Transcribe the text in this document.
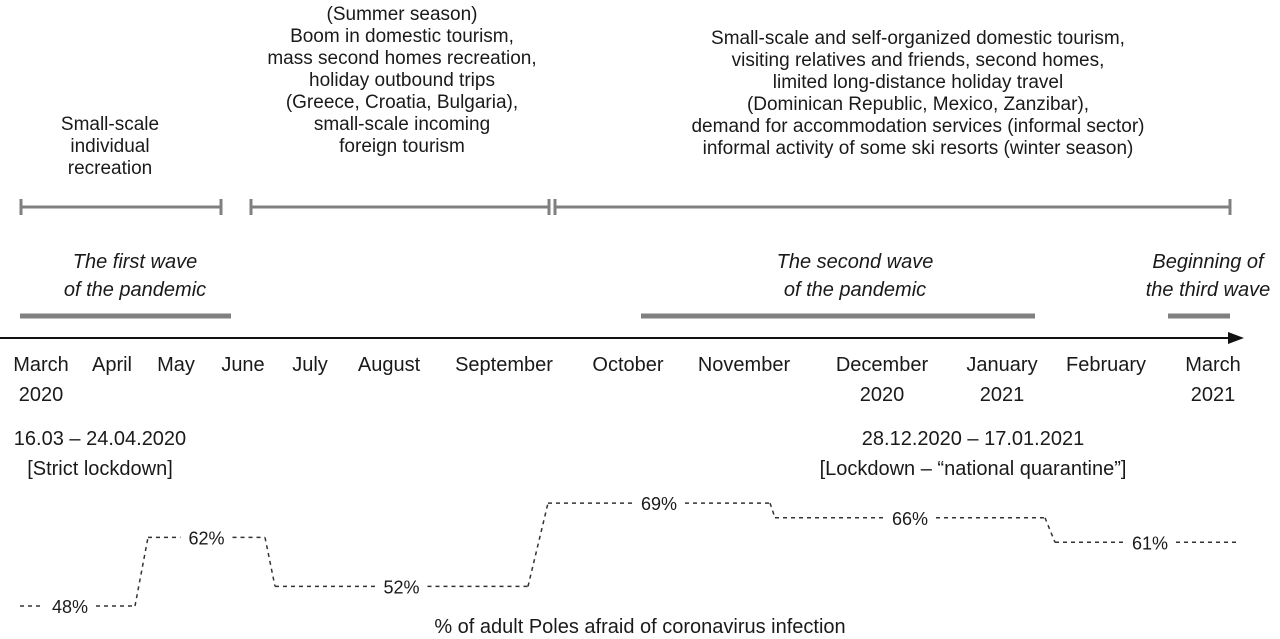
Small-scale
individual
recreation
(Summer season)
Boom in domestic tourism,
mass second homes recreation,
holiday outbound trips
(Greece, Croatia, Bulgaria),
small-scale incoming
foreign tourism
Small-scale and self-organized domestic tourism,
visiting relatives and friends, second homes,
limited long-distance holiday travel
(Dominican Republic, Mexico, Zanzibar),
demand for accommodation services (informal sector)
informal activity of some ski resorts (winter season)
The first wave
of the pandemic
The second wave
of the pandemic
Beginning of
the third wave
March
2020
April	May	June	July	August	September	October	November	December
2020
January
2021
February	March
2021
16.03 – 24.04.2020
[Strict lockdown]
28.12.2020 – 17.01.2021
[Lockdown – “national quarantine”]
48%
62%
52%
69%
66%
61%
% of adult Poles afraid of coronavirus infection
